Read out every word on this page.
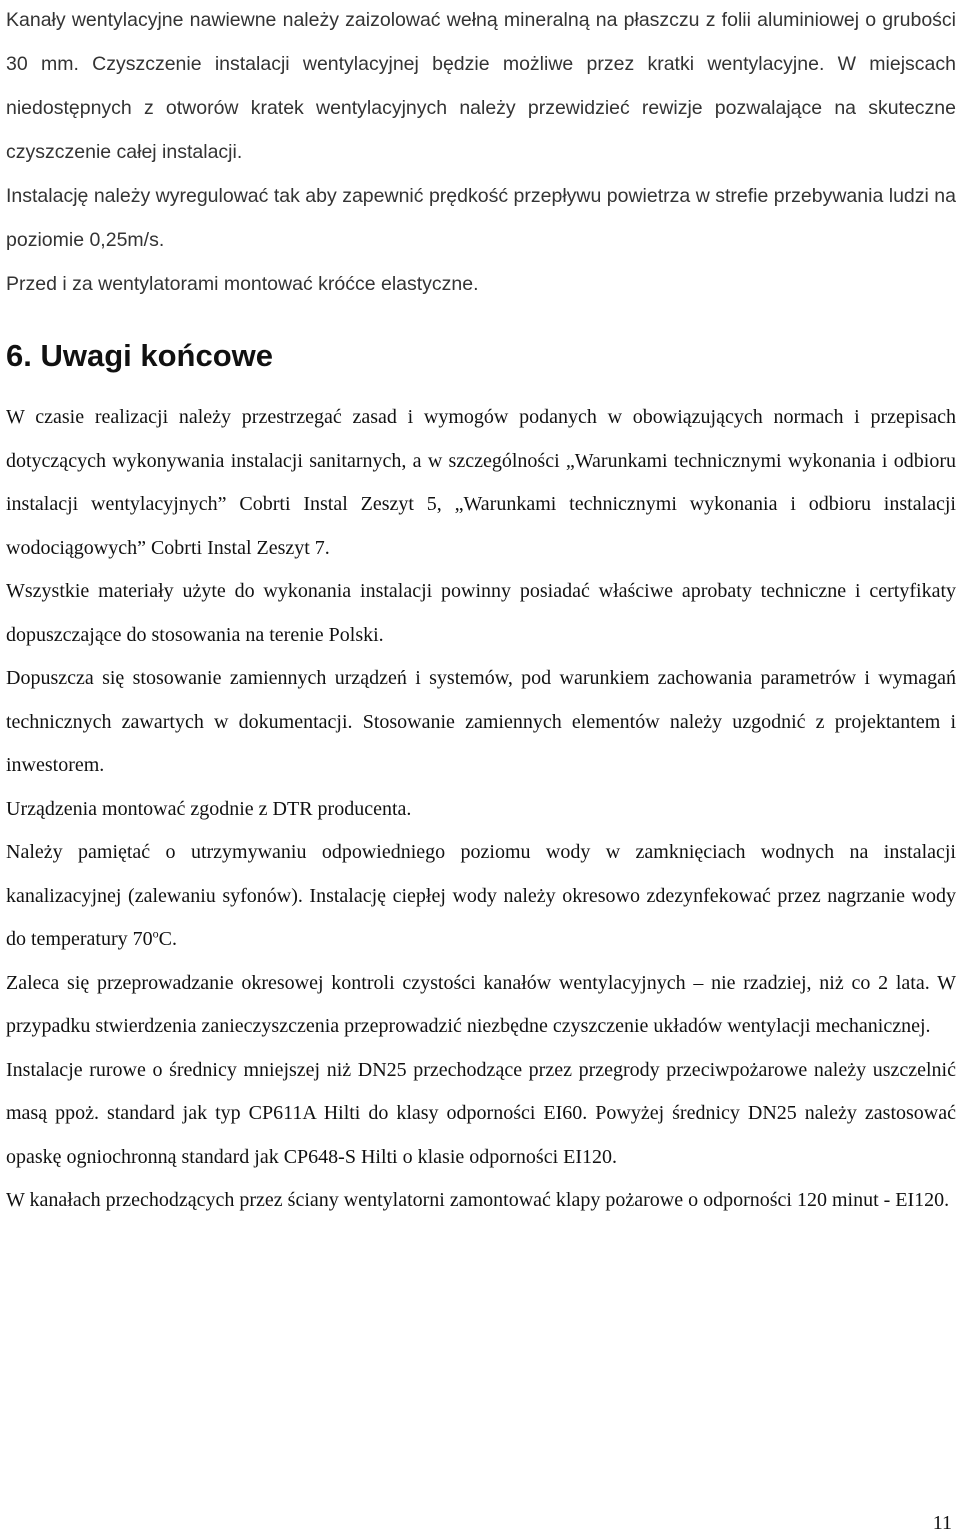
Kanały wentylacyjne nawiewne należy zaizolować wełną mineralną na płaszczu z folii aluminiowej o grubości 30 mm. Czyszczenie instalacji wentylacyjnej będzie możliwe przez kratki wentylacyjne. W miejscach niedostępnych z otworów kratek wentylacyjnych należy przewidzieć rewizje pozwalające na skuteczne czyszczenie całej instalacji.

Instalację należy wyregulować tak aby zapewnić prędkość przepływu powietrza w strefie przebywania ludzi na poziomie 0,25m/s.

Przed i za wentylatorami montować króćce elastyczne.

6. Uwagi końcowe

W czasie realizacji należy przestrzegać zasad i wymogów podanych w obowiązujących normach i przepisach dotyczących wykonywania instalacji sanitarnych, a w szczególności „Warunkami technicznymi wykonania i odbioru instalacji wentylacyjnych” Cobrti Instal Zeszyt 5, „Warunkami technicznymi wykonania i odbioru instalacji wodociągowych” Cobrti Instal Zeszyt 7.

Wszystkie materiały użyte do wykonania instalacji powinny posiadać właściwe aprobaty techniczne i certyfikaty dopuszczające do stosowania na terenie Polski.

Dopuszcza się stosowanie zamiennych urządzeń i systemów, pod warunkiem zachowania parametrów i wymagań technicznych zawartych w dokumentacji. Stosowanie zamiennych elementów należy uzgodnić z projektantem i inwestorem.

Urządzenia montować zgodnie z DTR producenta.

Należy pamiętać o utrzymywaniu odpowiedniego poziomu wody w zamknięciach wodnych na instalacji kanalizacyjnej (zalewaniu syfonów). Instalację ciepłej wody należy okresowo zdezynfekować przez nagrzanie wody do temperatury 70$^o$C.

Zaleca się przeprowadzanie okresowej kontroli czystości kanałów wentylacyjnych – nie rzadziej, niż co 2 lata. W przypadku stwierdzenia zanieczyszczenia przeprowadzić niezbędne czyszczenie układów wentylacji mechanicznej.

Instalacje rurowe o średnicy mniejszej niż DN25 przechodzące przez przegrody przeciwpożarowe należy uszczelnić masą ppoż. standard jak typ CP611A Hilti do klasy odporności EI60. Powyżej średnicy DN25 należy zastosować opaskę ogniochronną standard jak CP648-S Hilti o klasie odporności EI120.

W kanałach przechodzących przez ściany wentylatorni zamontować klapy pożarowe o odporności 120 minut - EI120.

11
